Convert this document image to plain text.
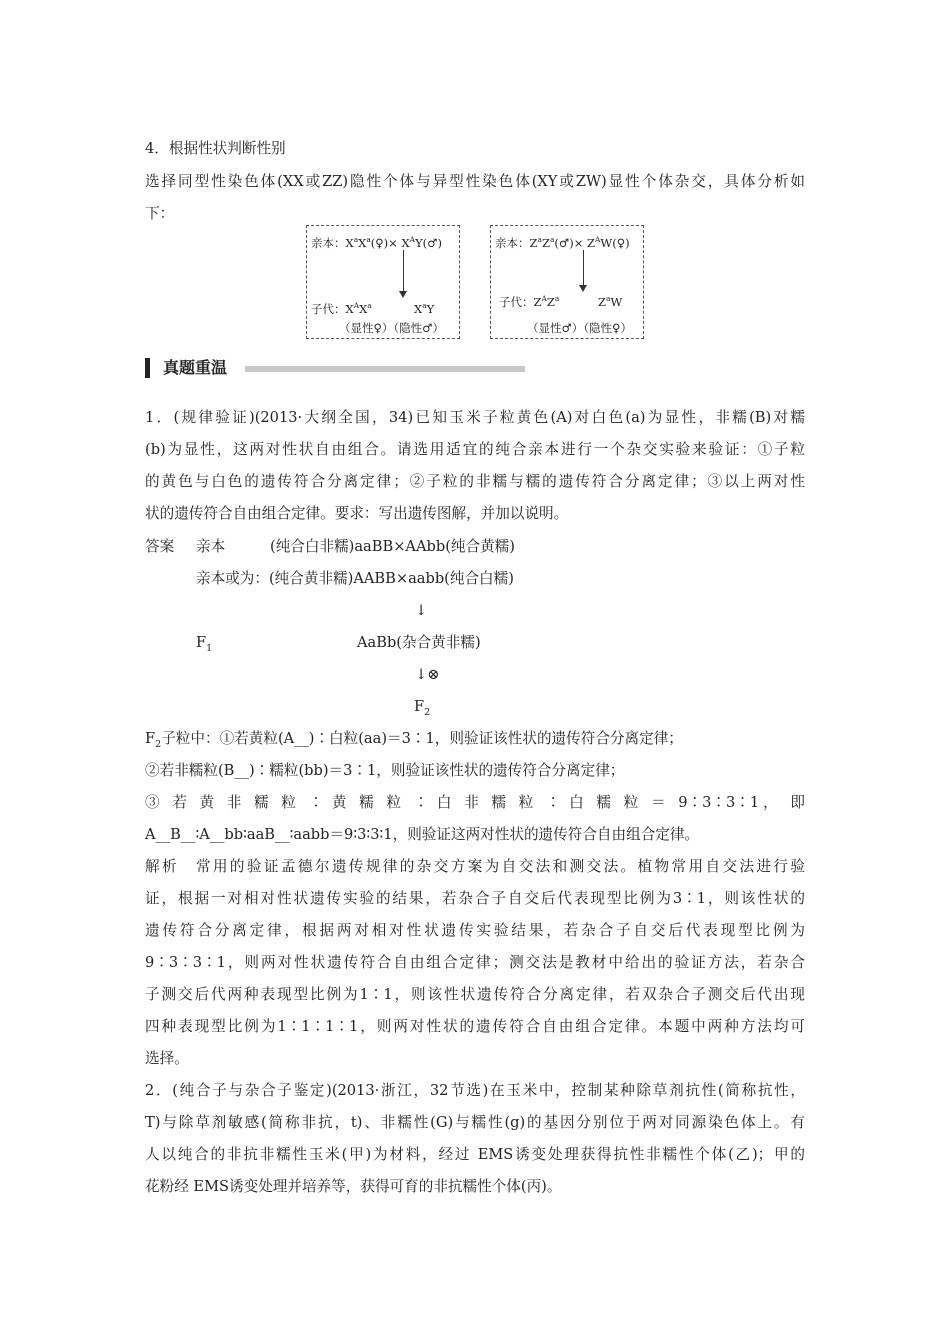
4．根据性状判断性别
选择同型性染色体(XX或ZZ)隐性个体与异型性染色体(XY或ZW)显性个体杂交，具体分析如
下：
亲本：$X^aX^a(♀)\times$ $X^AY(♂)$
子代：$X^AX^a$	$X^aY$
（显性♀）（隐性♂）
亲本：$Z^aZ^a(♂)\times$ $Z^AW(♀)$
子代：$Z^AZ^a$	$Z^aW$
（显性♂）（隐性♀）
真题重温
1．(规律验证)(2013·大纲全国，34)已知玉米子粒黄色(A)对白色(a)为显性，非糯(B)对糯
(b)为显性，这两对性状自由组合。请选用适宜的纯合亲本进行一个杂交实验来验证：①子粒
的黄色与白色的遗传符合分离定律；②子粒的非糯与糯的遗传符合分离定律；③以上两对性
状的遗传符合自由组合定律。要求：写出遗传图解，并加以说明。
答案 亲本	(纯合白非糯)aaBB×AAbb(纯合黄糯)
亲本或为：(纯合黄非糯)AABB×aabb(纯合白糯)
↓
$F_1$	AaBb(杂合黄非糯)
↓⊗
$F_2$
$F_2$子粒中：①若黄粒(A__)∶白粒(aa)＝3∶1，则验证该性状的遗传符合分离定律；
②若非糯粒(B__)∶糯粒(bb)＝3∶1，则验证该性状的遗传符合分离定律；
③ 若 黄 非 糯 粒 ∶ 黄 糯 粒 ∶ 白 非 糯 粒 ∶ 白 糯 粒 ＝ 9∶3∶3∶1， 即
A__B__∶A__bb∶aaB__∶aabb＝9∶3∶3∶1，则验证这两对性状的遗传符合自由组合定律。
解析　常用的验证孟德尔遗传规律的杂交方案为自交法和测交法。植物常用自交法进行验
证，根据一对相对性状遗传实验的结果，若杂合子自交后代表现型比例为3∶1，则该性状的
遗传符合分离定律，根据两对相对性状遗传实验结果，若杂合子自交后代表现型比例为
9∶3∶3∶1，则两对性状遗传符合自由组合定律；测交法是教材中给出的验证方法，若杂合
子测交后代两种表现型比例为1∶1，则该性状遗传符合分离定律，若双杂合子测交后代出现
四种表现型比例为1∶1∶1∶1，则两对性状的遗传符合自由组合定律。本题中两种方法均可
选择。
2．(纯合子与杂合子鉴定)(2013·浙江，32节选)在玉米中，控制某种除草剂抗性(简称抗性，
T)与除草剂敏感(简称非抗，t)、非糯性(G)与糯性(g)的基因分别位于两对同源染色体上。有
人以纯合的非抗非糯性玉米(甲)为材料，经过 EMS诱变处理获得抗性非糯性个体(乙)；甲的
花粉经 EMS诱变处理并培养等，获得可育的非抗糯性个体(丙)。
